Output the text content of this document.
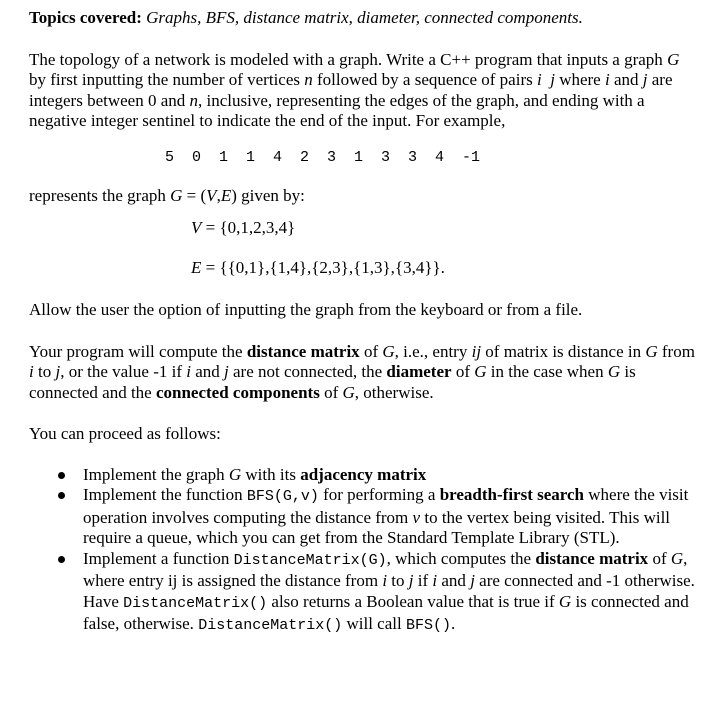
Topics covered: Graphs, BFS, distance matrix, diameter, connected components.

The topology of a network is modeled with a graph. Write a C++ program that inputs a graph G by first inputting the number of vertices n followed by a sequence of pairs i j where i and j are integers between 0 and n, inclusive, representing the edges of the graph, and ending with a negative integer sentinel to indicate the end of the input. For example,

5  0  1  1  4  2  3  1  3  3  4  -1

represents the graph G = (V,E) given by:

V = {0,1,2,3,4}

E = {{0,1},{1,4},{2,3},{1,3},{3,4}}.

Allow the user the option of inputting the graph from the keyboard or from a file.

Your program will compute the distance matrix of G, i.e., entry ij of matrix is distance in G from i to j, or the value -1 if i and j are not connected, the diameter of G in the case when G is connected and the connected components of G, otherwise.

You can proceed as follows:

Implement the graph G with its adjacency matrix
Implement the function BFS(G,v) for performing a breadth-first search where the visit operation involves computing the distance from v to the vertex being visited. This will require a queue, which you can get from the Standard Template Library (STL).
Implement a function DistanceMatrix(G), which computes the distance matrix of G, where entry ij is assigned the distance from i to j if i and j are connected and -1 otherwise. Have DistanceMatrix() also returns a Boolean value that is true if G is connected and false, otherwise. DistanceMatrix() will call BFS().
